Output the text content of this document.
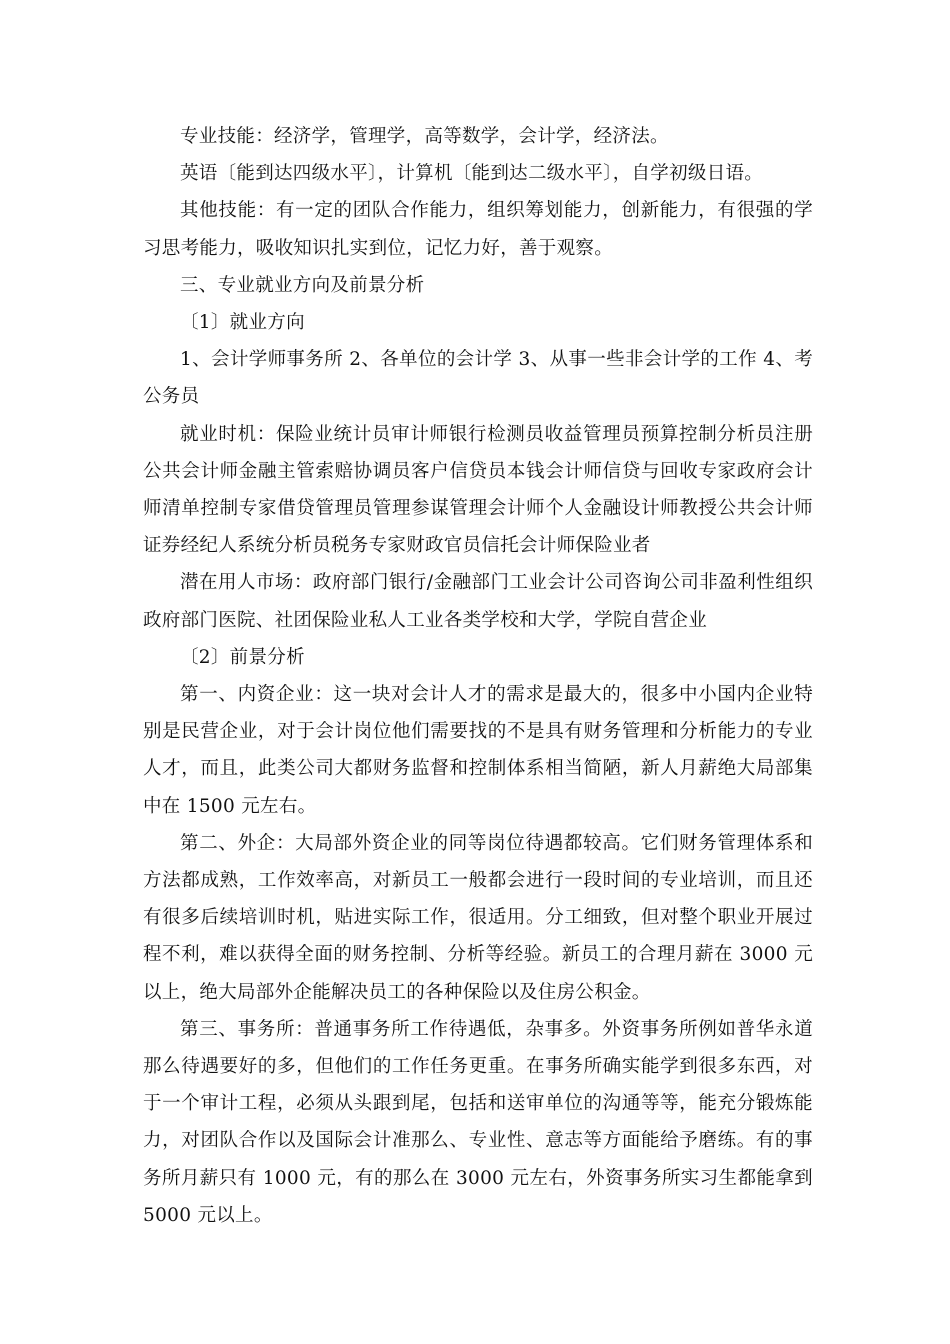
专业技能：经济学，管理学，高等数学，会计学，经济法。

英语〔能到达四级水平〕，计算机〔能到达二级水平〕，自学初级日语。

其他技能：有一定的团队合作能力，组织筹划能力，创新能力，有很强的学习思考能力，吸收知识扎实到位，记忆力好，善于观察。

三、专业就业方向及前景分析

〔1〕就业方向

1、会计学师事务所 2、各单位的会计学 3、从事一些非会计学的工作 4、考公务员

就业时机：保险业统计员审计师银行检测员收益管理员预算控制分析员注册公共会计师金融主管索赔协调员客户信贷员本钱会计师信贷与回收专家政府会计师清单控制专家借贷管理员管理参谋管理会计师个人金融设计师教授公共会计师证券经纪人系统分析员税务专家财政官员信托会计师保险业者

潜在用人市场：政府部门银行/金融部门工业会计公司咨询公司非盈利性组织政府部门医院、社团保险业私人工业各类学校和大学，学院自营企业

〔2〕前景分析

第一、内资企业：这一块对会计人才的需求是最大的，很多中小国内企业特别是民营企业，对于会计岗位他们需要找的不是具有财务管理和分析能力的专业人才，而且，此类公司大都财务监督和控制体系相当简陋，新人月薪绝大局部集中在 1500 元左右。

第二、外企：大局部外资企业的同等岗位待遇都较高。它们财务管理体系和方法都成熟，工作效率高，对新员工一般都会进行一段时间的专业培训，而且还有很多后续培训时机，贴进实际工作，很适用。分工细致，但对整个职业开展过程不利，难以获得全面的财务控制、分析等经验。新员工的合理月薪在 3000 元以上，绝大局部外企能解决员工的各种保险以及住房公积金。

第三、事务所：普通事务所工作待遇低，杂事多。外资事务所例如普华永道那么待遇要好的多，但他们的工作任务更重。在事务所确实能学到很多东西，对于一个审计工程，必须从头跟到尾，包括和送审单位的沟通等等，能充分锻炼能力，对团队合作以及国际会计准那么、专业性、意志等方面能给予磨练。有的事务所月薪只有 1000 元，有的那么在 3000 元左右，外资事务所实习生都能拿到 5000 元以上。
